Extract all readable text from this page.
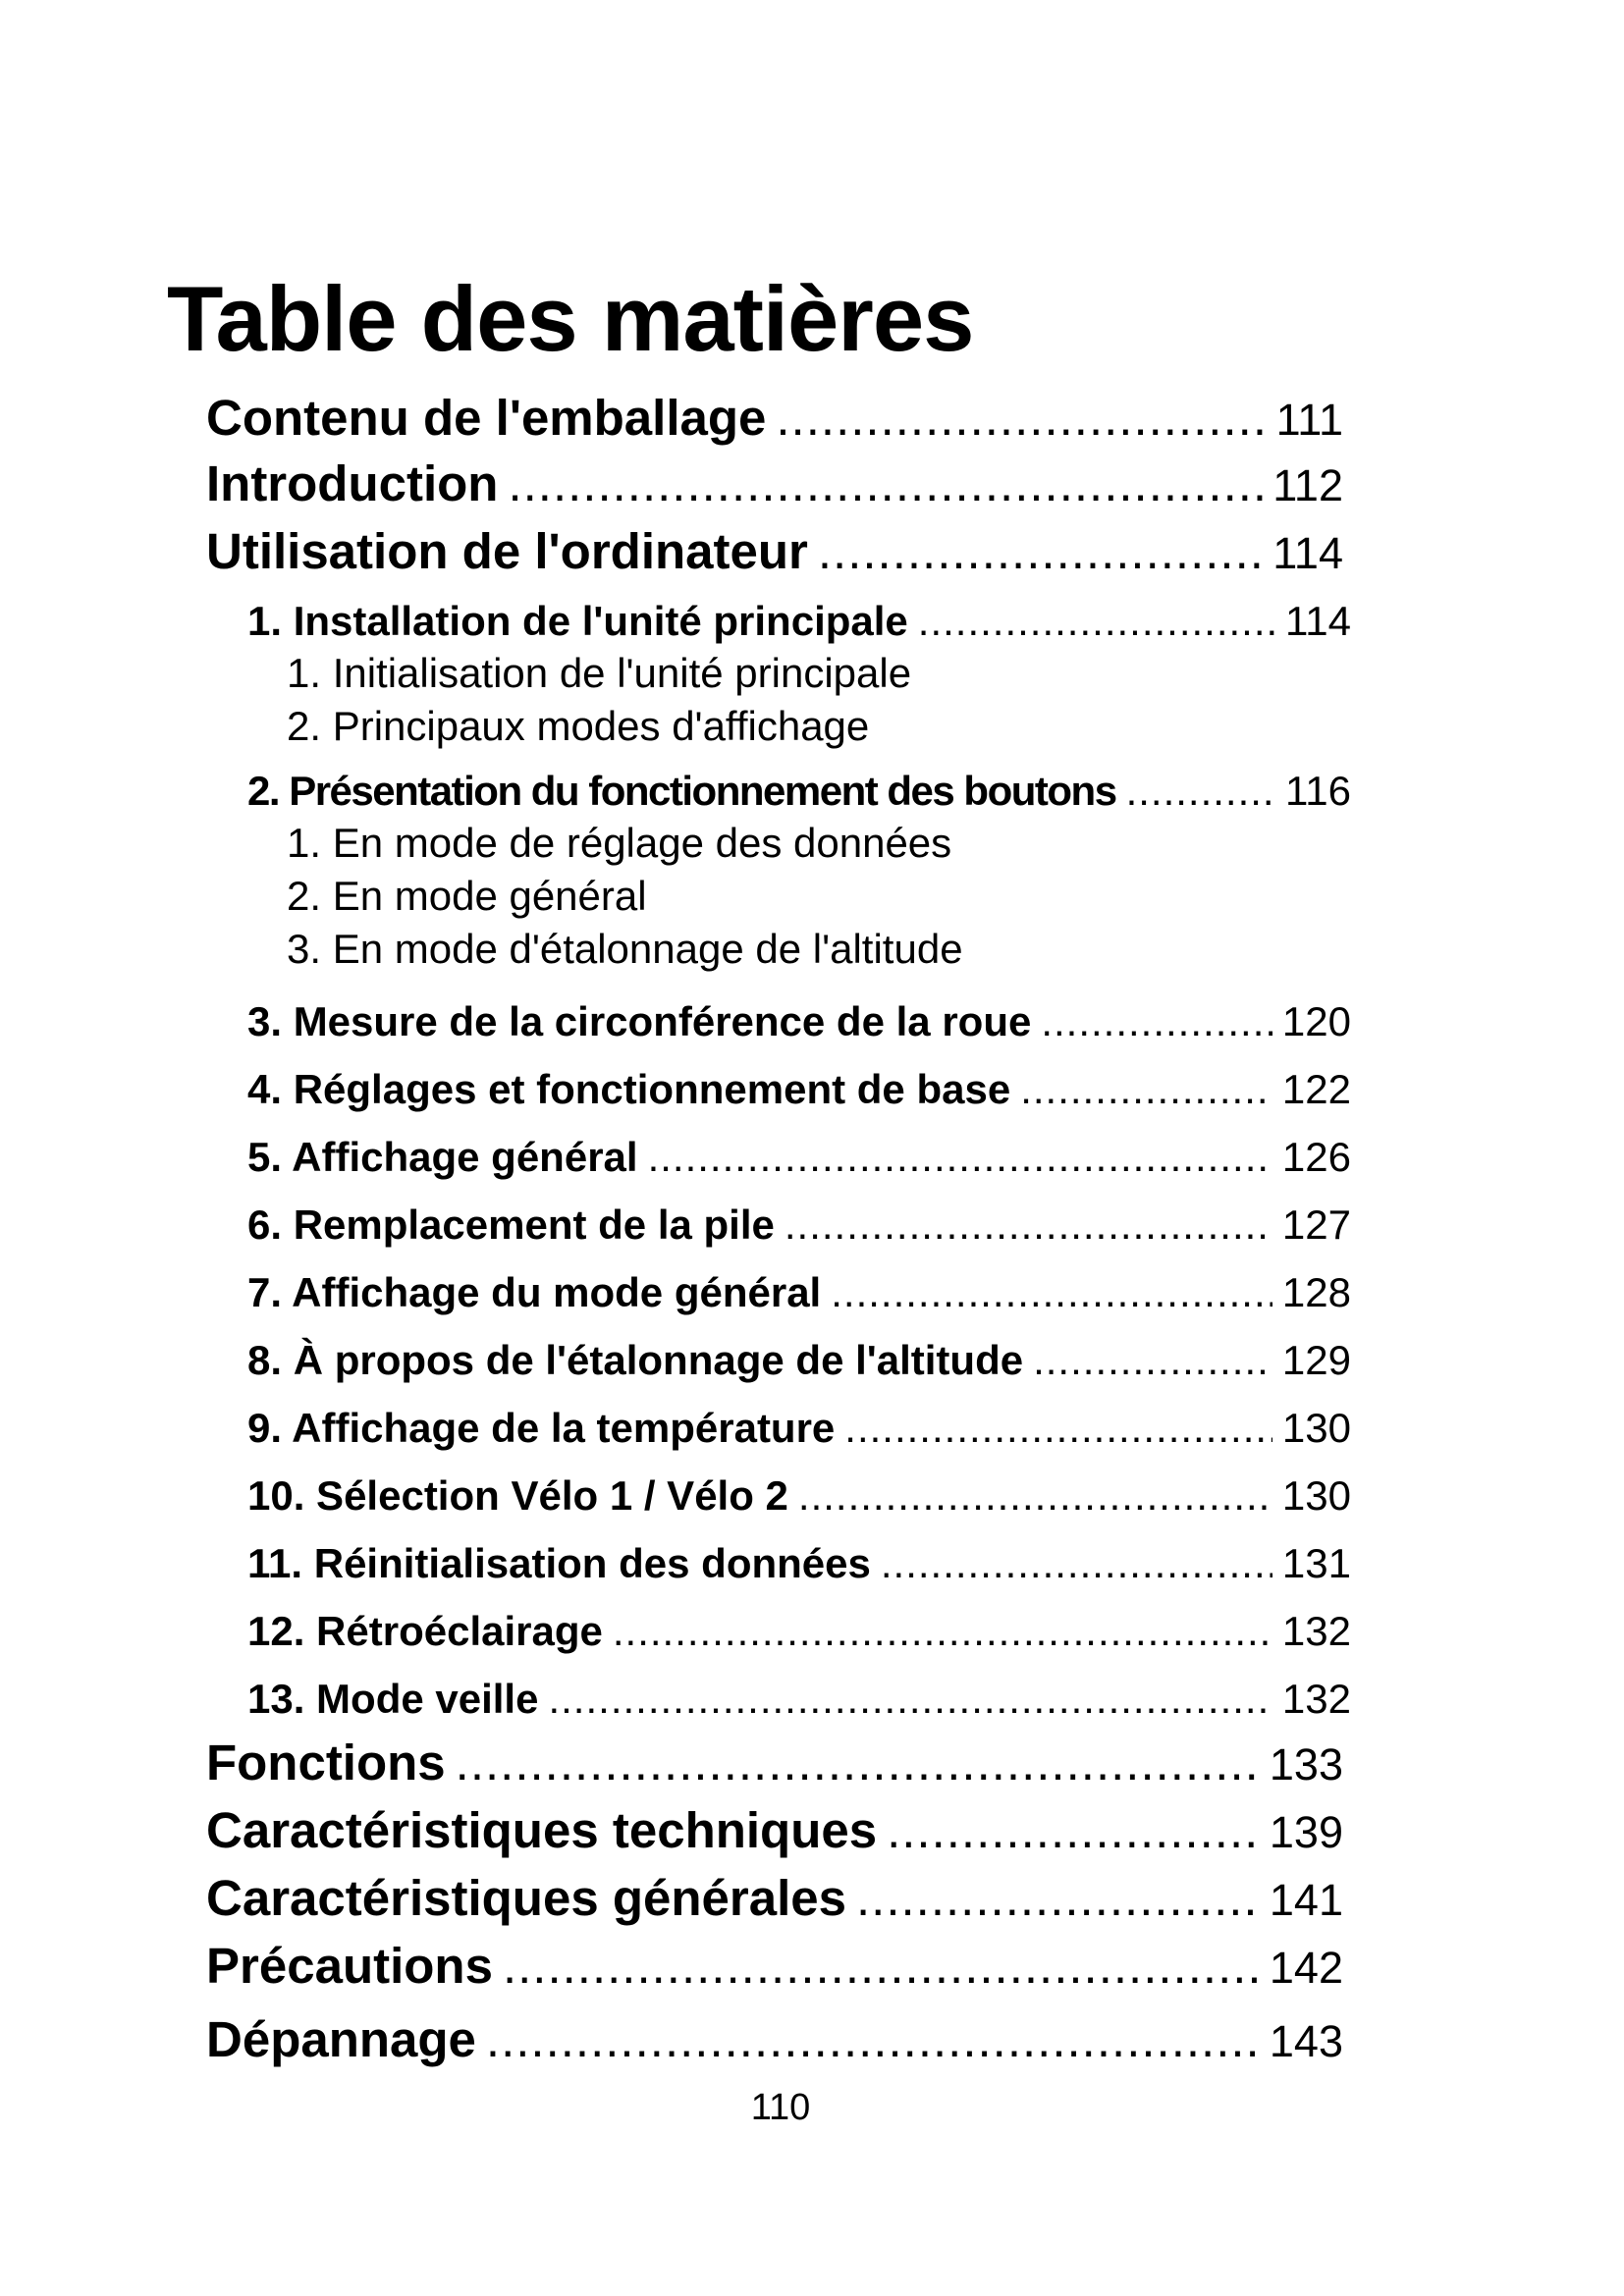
Table des matières
Contenu de l'emballage .....	111
Introduction .....	112
Utilisation de l'ordinateur .....	114
1. Installation de l'unité principale .....	114
1. Initialisation de l'unité principale
2. Principaux modes d'affichage
2. Présentation du fonctionnement des boutons .....	116
1. En mode de réglage des données
2. En mode général
3. En mode d'étalonnage de l'altitude
3. Mesure de la circonférence de la roue .....	120
4. Réglages et fonctionnement de base .....	122
5. Affichage général .....	126
6. Remplacement de la pile .....	127
7. Affichage du mode général .....	128
8. À propos de l'étalonnage de l'altitude .....	129
9. Affichage de la température .....	130
10. Sélection Vélo 1 / Vélo 2 .....	130
11. Réinitialisation des données .....	131
12. Rétroéclairage .....	132
13. Mode veille .....	132
Fonctions .....	133
Caractéristiques techniques .....	139
Caractéristiques générales .....	141
Précautions .....	142
Dépannage .....	143
110
